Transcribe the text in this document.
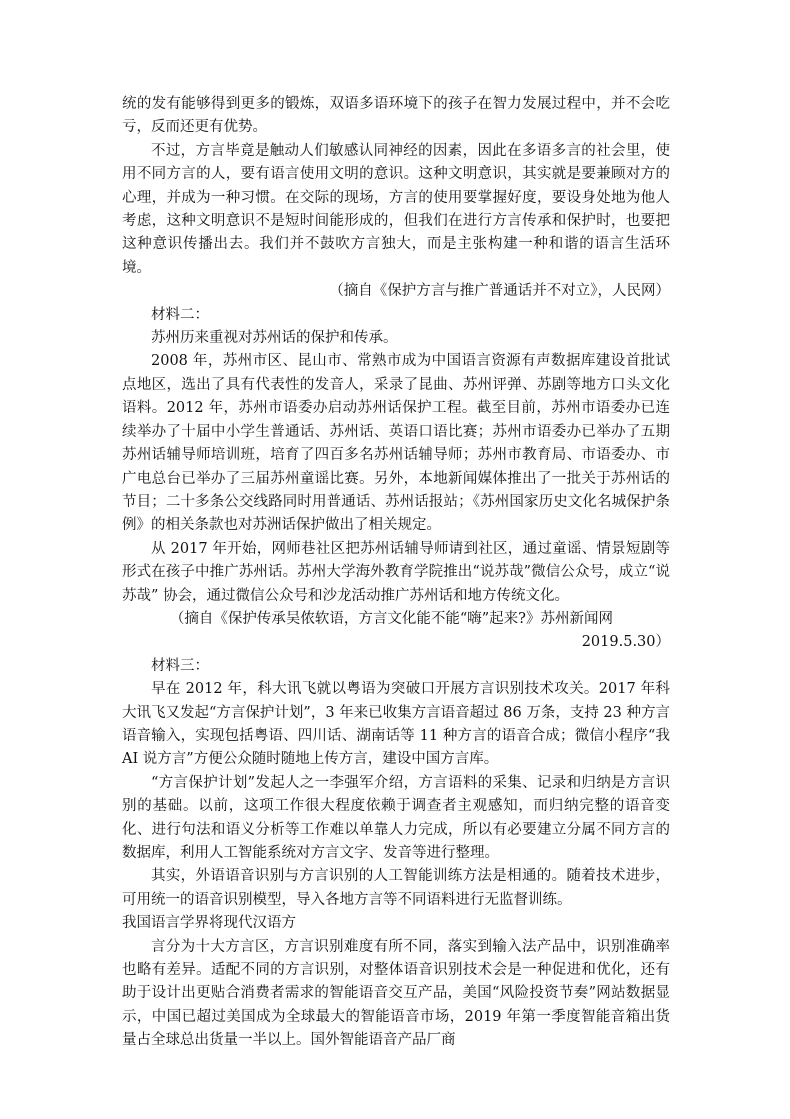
统的发有能够得到更多的锻炼，双语多语环境下的孩子在智力发展过程中，并不会吃亏，反而还更有优势。

不过，方言毕竟是触动人们敏感认同神经的因素，因此在多语多言的社会里，使用不同方言的人，要有语言使用文明的意识。这种文明意识，其实就是要兼顾对方的心理，并成为一种习惯。在交际的现场，方言的使用要掌握好度，要设身处地为他人考虑，这种文明意识不是短时间能形成的，但我们在进行方言传承和保护时，也要把这种意识传播出去。我们并不鼓吹方言独大，而是主张构建一种和谐的语言生活环境。

（摘自《保护方言与推广普通话并不对立》，人民网）

材料二：

苏州历来重视对苏州话的保护和传承。

2008 年，苏州市区、昆山市、常熟市成为中国语言资源有声数据库建设首批试点地区，选出了具有代表性的发音人，采录了昆曲、苏州评弹、苏剧等地方口头文化语料。2012 年，苏州市语委办启动苏州话保护工程。截至目前，苏州市语委办已连续举办了十届中小学生普通话、苏州话、英语口语比赛；苏州市语委办已举办了五期苏州话辅导师培训班，培育了四百多名苏州话辅导师；苏州市教育局、市语委办、市广电总台已举办了三届苏州童谣比赛。另外，本地新闻媒体推出了一批关于苏州话的节目；二十多条公交线路同时用普通话、苏州话报站；《苏州国家历史文化名城保护条例》的相关条款也对苏洲话保护做出了相关规定。

从 2017 年开始，网师巷社区把苏州话辅导师请到社区，通过童谣、情景短剧等形式在孩子中推广苏州话。苏州大学海外教育学院推出“说苏哉”微信公众号，成立“说苏哉” 协会，通过微信公众号和沙龙活动推广苏州话和地方传统文化。

（摘自《保护传承吴侬软语，方言文化能不能“嗨”起来?》苏州新闻网

2019.5.30）

材料三：

早在 2012 年，科大讯飞就以粤语为突破口开展方言识别技术攻关。2017 年科大讯飞又发起“方言保护计划”，3 年来已收集方言语音超过 86 万条，支持 23 种方言语音输入，实现包括粤语、四川话、湖南话等 11 种方言的语音合成；微信小程序“我 AI 说方言”方便公众随时随地上传方言，建设中国方言库。

“方言保护计划”发起人之一李强军介绍，方言语料的采集、记录和归纳是方言识别的基础。以前，这项工作很大程度依赖于调查者主观感知，而归纳完整的语音变化、进行句法和语义分析等工作难以单靠人力完成，所以有必要建立分属不同方言的数据库，利用人工智能系统对方言文字、发音等进行整理。

其实，外语语音识别与方言识别的人工智能训练方法是相通的。随着技术进步，可用统一的语音识别模型，导入各地方言等不同语料进行无监督训练。

我国语言学界将现代汉语方

言分为十大方言区，方言识别难度有所不同，落实到输入法产品中，识别准确率也略有差异。适配不同的方言识别，对整体语音识别技术会是一种促进和优化，还有助于设计出更贴合消费者需求的智能语音交互产品，美国“风险投资节奏”网站数据显示，中国已超过美国成为全球最大的智能语音市场，2019 年第一季度智能音箱出货量占全球总出货量一半以上。国外智能语音产品厂商
